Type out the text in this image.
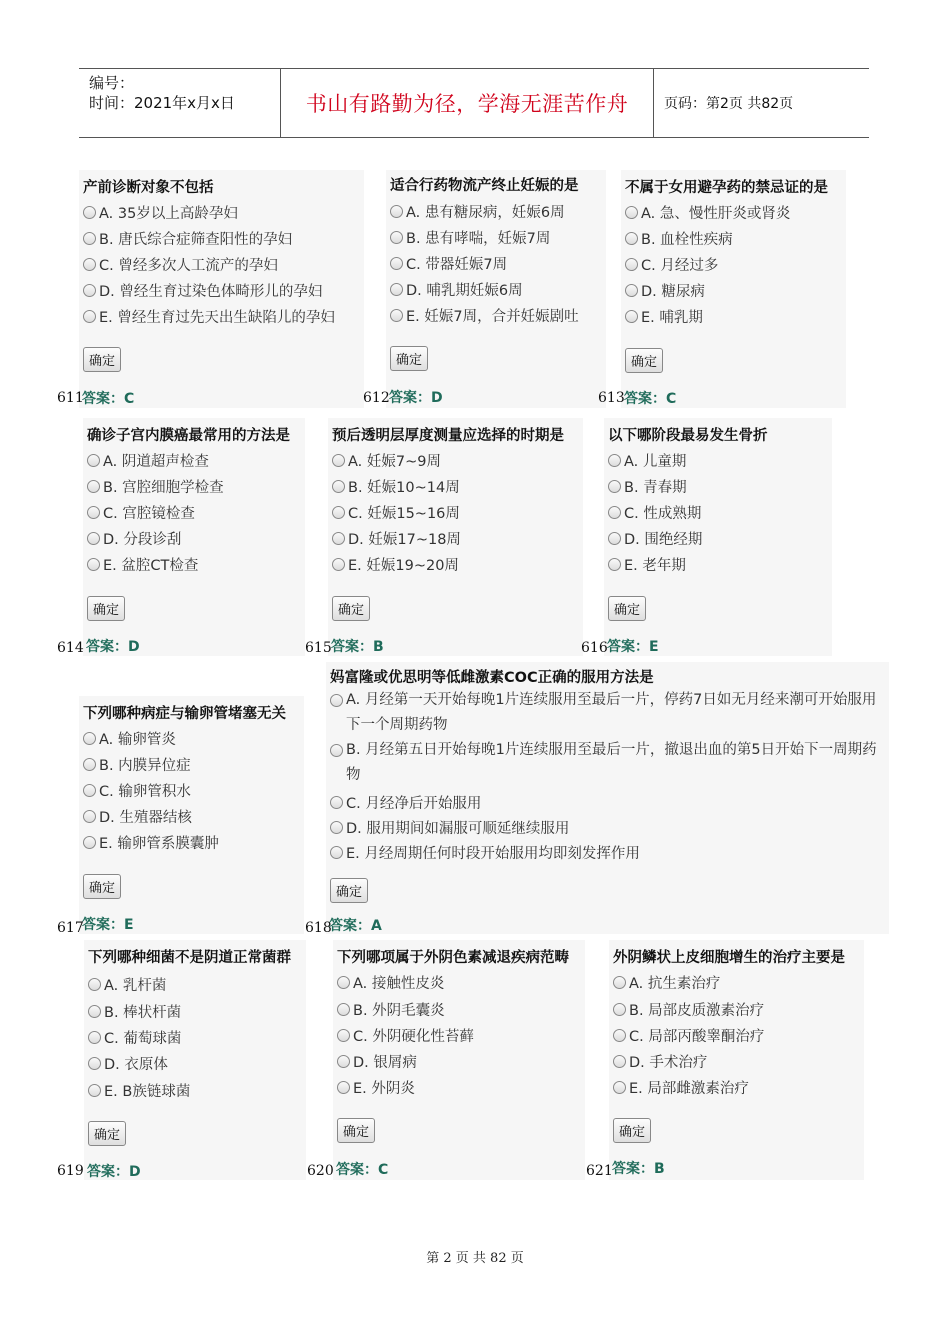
编号：
时间：2021年x月x日	书山有路勤为径，学海无涯苦作舟	页码：第2页 共82页
产前诊断对象不包括
A. 35岁以上高龄孕妇
B. 唐氏综合症筛查阳性的孕妇
C. 曾经多次人工流产的孕妇
D. 曾经生育过染色体畸形儿的孕妇
E. 曾经生育过先天出生缺陷儿的孕妇
确定
答案：C
611
适合行药物流产终止妊娠的是
A. 患有糖尿病，妊娠6周
B. 患有哮喘，妊娠7周
C. 带器妊娠7周
D. 哺乳期妊娠6周
E. 妊娠7周，合并妊娠剧吐
确定
答案：D
612
不属于女用避孕药的禁忌证的是
A. 急、慢性肝炎或肾炎
B. 血栓性疾病
C. 月经过多
D. 糖尿病
E. 哺乳期
确定
答案：C
613
确诊子宫内膜癌最常用的方法是
A. 阴道超声检查
B. 宫腔细胞学检查
C. 宫腔镜检查
D. 分段诊刮
E. 盆腔CT检查
确定
答案：D
614
预后透明层厚度测量应选择的时期是
A. 妊娠7~9周
B. 妊娠10~14周
C. 妊娠15~16周
D. 妊娠17~18周
E. 妊娠19~20周
确定
答案：B
615
以下哪阶段最易发生骨折
A. 儿童期
B. 青春期
C. 性成熟期
D. 围绝经期
E. 老年期
确定
答案：E
616
下列哪种病症与输卵管堵塞无关
A. 输卵管炎
B. 内膜异位症
C. 输卵管积水
D. 生殖器结核
E. 输卵管系膜囊肿
确定
答案：E
617
妈富隆或优思明等低雌激素COC正确的服用方法是
A. 月经第一天开始每晚1片连续服用至最后一片，停药7日如无月经来潮可开始服用下一个周期药物
B. 月经第五日开始每晚1片连续服用至最后一片，撤退出血的第5日开始下一周期药物
C. 月经净后开始服用
D. 服用期间如漏服可顺延继续服用
E. 月经周期任何时段开始服用均即刻发挥作用
确定
答案：A
618
下列哪种细菌不是阴道正常菌群
A. 乳杆菌
B. 棒状杆菌
C. 葡萄球菌
D. 衣原体
E. B族链球菌
确定
答案：D
619
下列哪项属于外阴色素减退疾病范畴
A. 接触性皮炎
B. 外阴毛囊炎
C. 外阴硬化性苔藓
D. 银屑病
E. 外阴炎
确定
答案：C
620
外阴鳞状上皮细胞增生的治疗主要是
A. 抗生素治疗
B. 局部皮质激素治疗
C. 局部丙酸睾酮治疗
D. 手术治疗
E. 局部雌激素治疗
确定
答案：B
621
第 2 页 共 82 页
